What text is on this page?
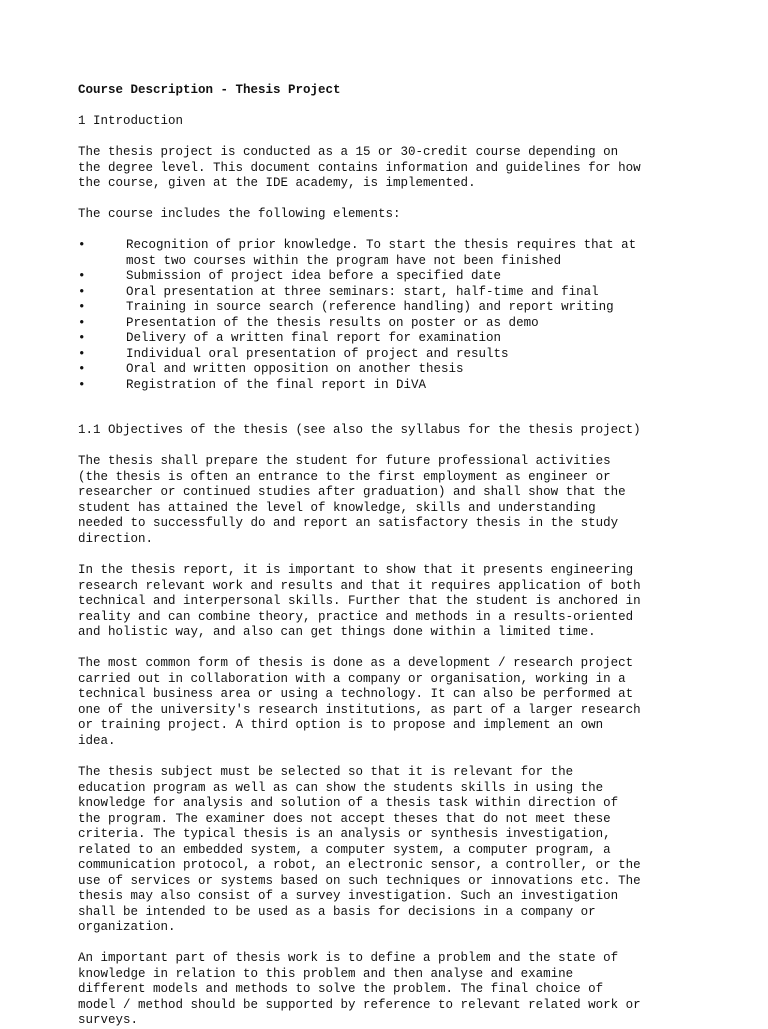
Course Description - Thesis Project
1 Introduction
The thesis project is conducted as a 15 or 30-credit course depending on
the degree level. This document contains information and guidelines for how
the course, given at the IDE academy, is implemented.
The course includes the following elements:
•	Recognition of prior knowledge. To start the thesis requires that at
most two courses within the program have not been finished
•	Submission of project idea before a specified date
•	Oral presentation at three seminars: start, half-time and final
•	Training in source search (reference handling) and report writing
•	Presentation of the thesis results on poster or as demo
•	Delivery of a written final report for examination
•	Individual oral presentation of project and results
•	Oral and written opposition on another thesis
•	Registration of the final report in DiVA
1.1 Objectives of the thesis (see also the syllabus for the thesis project)
The thesis shall prepare the student for future professional activities
(the thesis is often an entrance to the first employment as engineer or
researcher or continued studies after graduation) and shall show that the
student has attained the level of knowledge, skills and understanding
needed to successfully do and report an satisfactory thesis in the study
direction.
In the thesis report, it is important to show that it presents engineering
research relevant work and results and that it requires application of both
technical and interpersonal skills. Further that the student is anchored in
reality and can combine theory, practice and methods in a results-oriented
and holistic way, and also can get things done within a limited time.
The most common form of thesis is done as a development / research project
carried out in collaboration with a company or organisation, working in a
technical business area or using a technology. It can also be performed at
one of the university's research institutions, as part of a larger research
or training project. A third option is to propose and implement an own
idea.
The thesis subject must be selected so that it is relevant for the
education program as well as can show the students skills in using the
knowledge for analysis and solution of a thesis task within direction of
the program. The examiner does not accept theses that do not meet these
criteria. The typical thesis is an analysis or synthesis investigation,
related to an embedded system, a computer system, a computer program, a
communication protocol, a robot, an electronic sensor, a controller, or the
use of services or systems based on such techniques or innovations etc. The
thesis may also consist of a survey investigation. Such an investigation
shall be intended to be used as a basis for decisions in a company or
organization.
An important part of thesis work is to define a problem and the state of
knowledge in relation to this problem and then analyse and examine
different models and methods to solve the problem. The final choice of
model / method should be supported by reference to relevant related work or
surveys.
